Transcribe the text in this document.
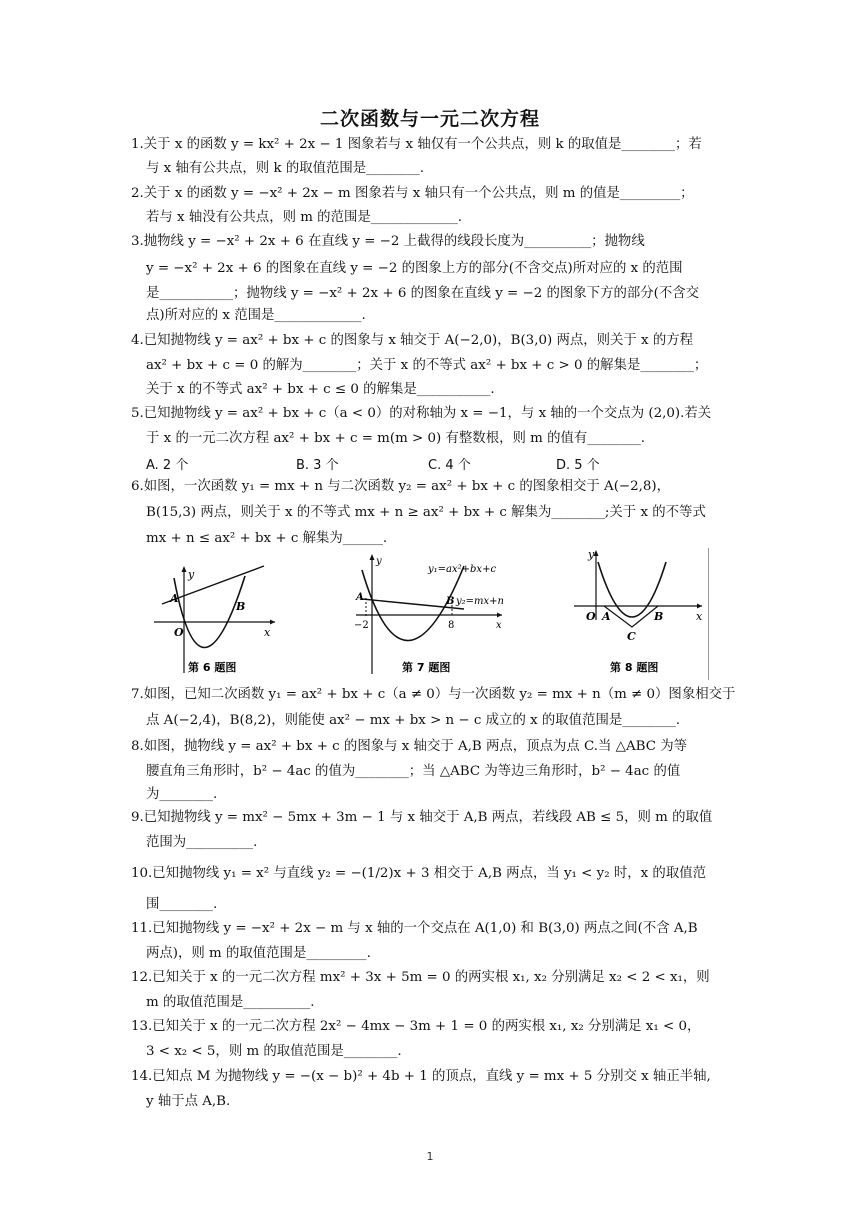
二次函数与一元二次方程
1.关于 x 的函数 y = kx² + 2x − 1 图象若与 x 轴仅有一个公共点，则 k 的取值是________；若
与 x 轴有公共点，则 k 的取值范围是________.
2.关于 x 的函数 y = −x² + 2x − m 图象若与 x 轴只有一个公共点，则 m 的值是_________；
若与 x 轴没有公共点，则 m 的范围是_____________.
3.抛物线 y = −x² + 2x + 6 在直线 y = −2 上截得的线段长度为__________；抛物线
y = −x² + 2x + 6 的图象在直线 y = −2 的图象上方的部分(不含交点)所对应的 x 的范围
是___________；抛物线 y = −x² + 2x + 6 的图象在直线 y = −2 的图象下方的部分(不含交
点)所对应的 x 范围是_____________.
4.已知抛物线 y = ax² + bx + c 的图象与 x 轴交于 A(−2,0)，B(3,0) 两点，则关于 x 的方程
ax² + bx + c = 0 的解为________；关于 x 的不等式 ax² + bx + c > 0 的解集是________；
关于 x 的不等式 ax² + bx + c ≤ 0 的解集是___________.
5.已知抛物线 y = ax² + bx + c（a < 0）的对称轴为 x = −1，与 x 轴的一个交点为 (2,0).若关
于 x 的一元二次方程 ax² + bx + c = m(m > 0) 有整数根，则 m 的值有________.
6.如图，一次函数 y₁ = mx + n 与二次函数 y₂ = ax² + bx + c 的图象相交于 A(−2,8)，
B(15,3) 两点，则关于 x 的不等式 mx + n ≥ ax² + bx + c 解集为________;关于 x 的不等式
mx + n ≤ ax² + bx + c 解集为______.
7.如图，已知二次函数 y₁ = ax² + bx + c（a ≠ 0）与一次函数 y₂ = mx + n（m ≠ 0）图象相交于
点 A(−2,4)，B(8,2)，则能使 ax² − mx + bx > n − c 成立的 x 的取值范围是________.
8.如图，抛物线 y = ax² + bx + c 的图象与 x 轴交于 A,B 两点，顶点为点 C.当 △ABC 为等
腰直角三角形时，b² − 4ac 的值为________；当 △ABC 为等边三角形时，b² − 4ac 的值
为________.
9.已知抛物线 y = mx² − 5mx + 3m − 1 与 x 轴交于 A,B 两点，若线段 AB ≤ 5，则 m 的取值
范围为__________.
10.已知抛物线 y₁ = x² 与直线 y₂ = −(1/2)x + 3 相交于 A,B 两点，当 y₁ < y₂ 时，x 的取值范
围________.
11.已知抛物线 y = −x² + 2x − m 与 x 轴的一个交点在 A(1,0) 和 B(3,0) 两点之间(不含 A,B
两点)，则 m 的取值范围是_________.
12.已知关于 x 的一元二次方程 mx² + 3x + 5m = 0 的两实根 x₁, x₂ 分别满足 x₂ < 2 < x₁，则
m 的取值范围是__________.
13.已知关于 x 的一元二次方程 2x² − 4mx − 3m + 1 = 0 的两实根 x₁, x₂ 分别满足 x₁ < 0，
3 < x₂ < 5，则 m 的取值范围是________.
14.已知点 M 为抛物线 y = −(x − b)² + 4b + 1 的顶点，直线 y = mx + 5 分别交 x 轴正半轴,
y 轴于点 A,B.
A. 2 个	B. 3 个	C. 4 个	D. 5 个
y
A
B
O	x
第 6 题图
y
y₁=ax²+bx+c
A	B y₂=mx+n
−2	8	x
第 7 题图
y
O A	B
C
x
第 8 题图
1
